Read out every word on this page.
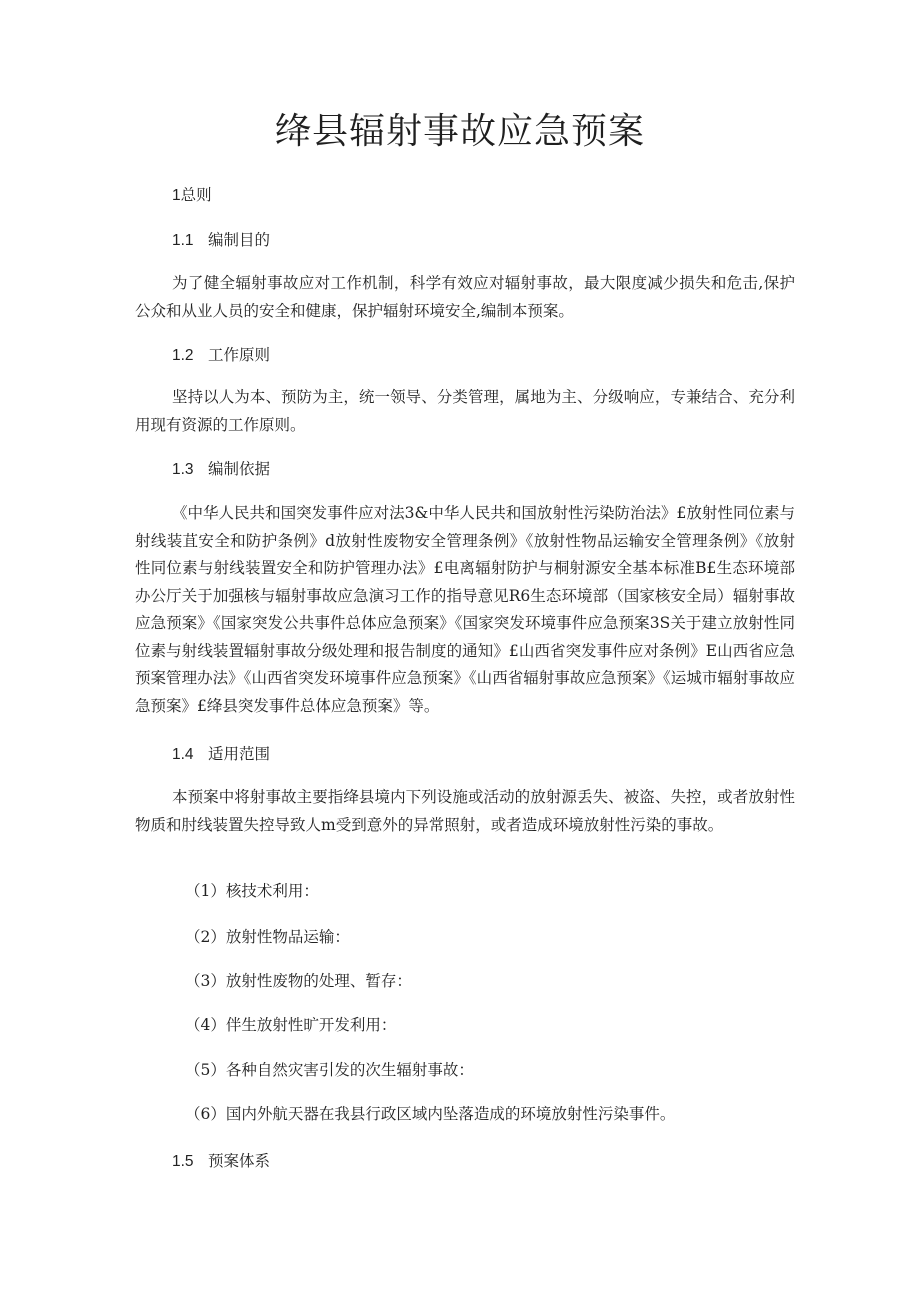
绛县辐射事故应急预案
1总则
1.1 编制目的
为了健全辐射事故应对工作机制，科学有效应对辐射事故，最大限度减少损失和危击,保护公众和从业人员的安全和健康，保护辐射环境安全,编制本预案。
1.2 工作原则
坚持以人为本、预防为主，统一领导、分类管理，属地为主、分级响应，专兼结合、充分利用现有资源的工作原则。
1.3 编制依据
《中华人民共和国突发事件应对法3&中华人民共和国放射性污染防治法》£放射性同位素与射线装苴安全和防护条例》d放射性废物安全管理条例》《放射性物品运输安全管理条例》《放射性同位素与射线装置安全和防护管理办法》£电离辐射防护与桐射源安全基本标准B£生态环境部办公厅关于加强核与辐射事故应急演习工作的指导意见R6生态环境部（国家核安全局）辐射事故应急预案》《国家突发公共事件总体应急预案》《国家突发环境事件应急预案3S关于建立放射性同位素与射线装置辐射事故分级处理和报告制度的通知》£山西省突发事件应对条例》E山西省应急预案管理办法》《山西省突发环境事件应急预案》《山西省辐射事故应急预案》《运城市辐射事故应急预案》£绛县突发事件总体应急预案》等。
1.4 适用范围
本预案中将射事故主要指绛县境内下列设施或活动的放射源丢失、被盗、失控，或者放射性物质和肘线装置失控导致人m受到意外的异常照射，或者造成环境放射性污染的事故。
（1）核技术利用：
（2）放射性物品运输：
（3）放射性废物的处理、暂存：
（4）伴生放射性旷开发利用：
（5）各种自然灾害引发的次生辐射事故：
（6）国内外航天器在我县行政区域内坠落造成的环境放射性污染事件。
1.5 预案体系
